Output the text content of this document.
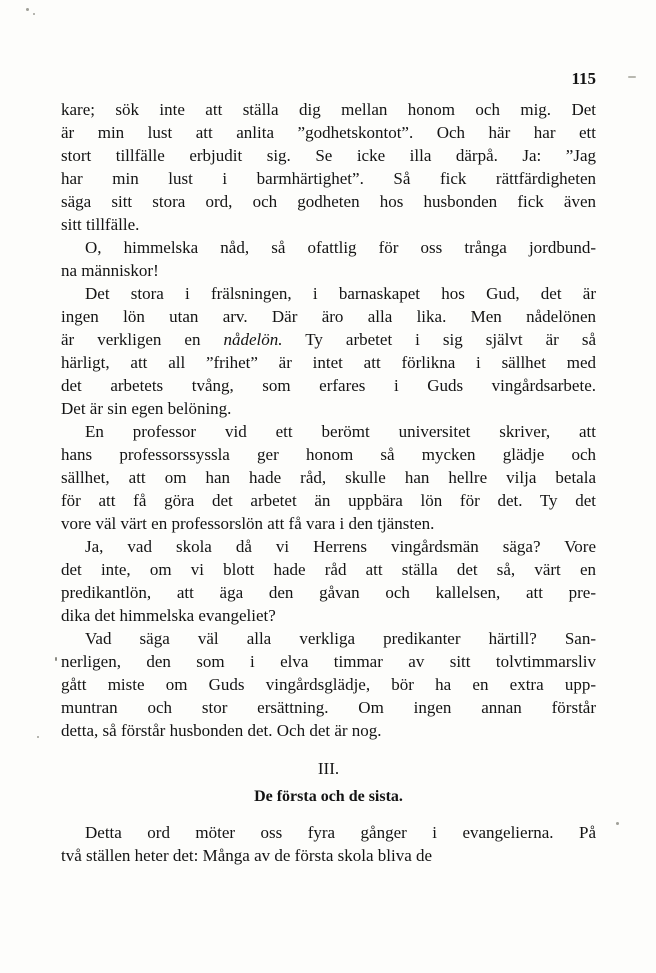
115
kare; sök inte att ställa dig mellan honom och mig. Det
är min lust att anlita ”godhetskontot”. Och här har ett
stort tillfälle erbjudit sig. Se icke illa därpå. Ja: ”Jag
har min lust i barmhärtighet”. Så fick rättfärdigheten
säga sitt stora ord, och godheten hos husbonden fick även
sitt tillfälle.
O, himmelska nåd, så ofattlig för oss trånga jordbund-
na människor!
Det stora i frälsningen, i barnaskapet hos Gud, det är
ingen lön utan arv. Där äro alla lika. Men nådelönen
är verkligen en nådelön. Ty arbetet i sig självt är så
härligt, att all ”frihet” är intet att förlikna i sällhet med
det arbetets tvång, som erfares i Guds vingårdsarbete.
Det är sin egen belöning.
En professor vid ett berömt universitet skriver, att
hans professorssyssla ger honom så mycken glädje och
sällhet, att om han hade råd, skulle han hellre vilja betala
för att få göra det arbetet än uppbära lön för det. Ty det
vore väl värt en professorslön att få vara i den tjänsten.
Ja, vad skola då vi Herrens vingårdsmän säga? Vore
det inte, om vi blott hade råd att ställa det så, värt en
predikantlön, att äga den gåvan och kallelsen, att pre-
dika det himmelska evangeliet?
Vad säga väl alla verkliga predikanter härtill? San-
nerligen, den som i elva timmar av sitt tolvtimmarsliv
gått miste om Guds vingårdsglädje, bör ha en extra upp-
muntran och stor ersättning. Om ingen annan förstår
detta, så förstår husbonden det. Och det är nog.
III.
De första och de sista.
Detta ord möter oss fyra gånger i evangelierna. På
två ställen heter det: Många av de första skola bliva de
